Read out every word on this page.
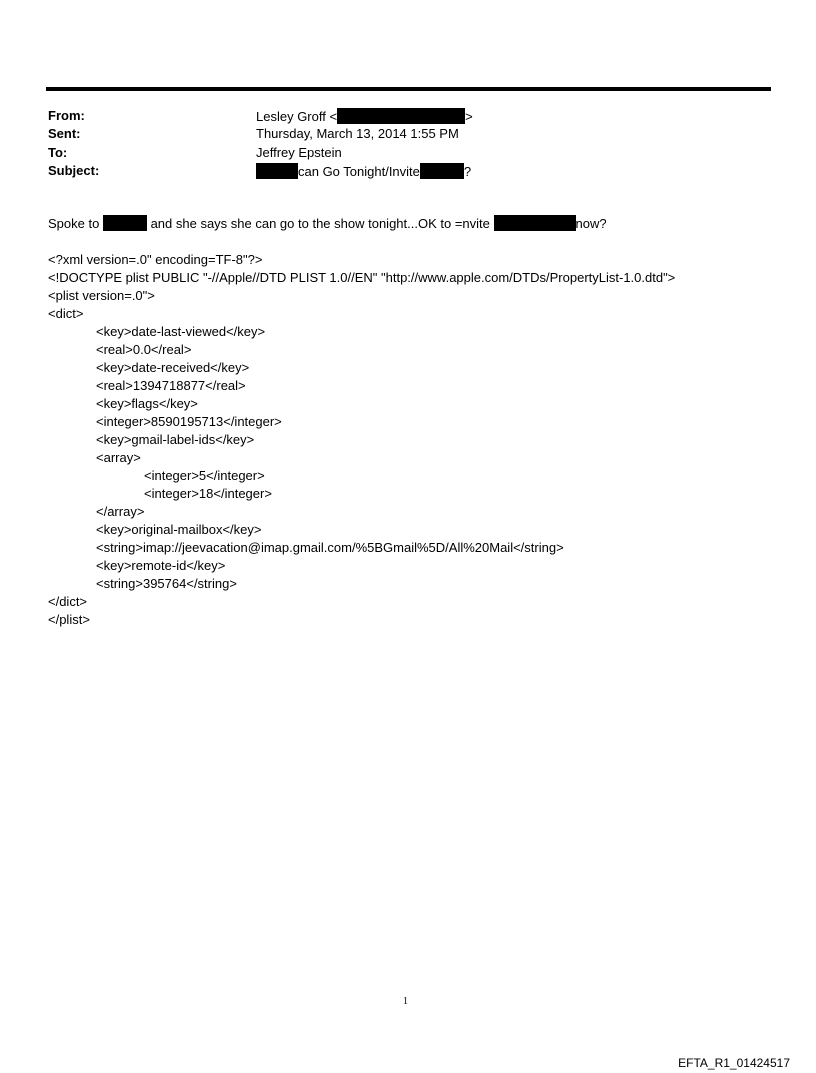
From:	Lesley Groff <	>
Sent:	Thursday, March 13, 2014 1:55 PM
To:	Jeffrey Epstein
Subject:	can Go Tonight/Invite	?
Spoke to	and she says she can go to the show tonight...OK to =nvite	now?
<?xml version=.0" encoding=TF-8"?>
<!DOCTYPE plist PUBLIC "-//Apple//DTD PLIST 1.0//EN" "http://www.apple.com/DTDs/PropertyList-1.0.dtd">
<plist version=.0">
<dict>
<key>date-last-viewed</key>
<real>0.0</real>
<key>date-received</key>
<real>1394718877</real>
<key>flags</key>
<integer>8590195713</integer>
<key>gmail-label-ids</key>
<array>
<integer>5</integer>
<integer>18</integer>
</array>
<key>original-mailbox</key>
<string>imap://jeevacation@imap.gmail.com/%5BGmail%5D/All%20Mail</string>
<key>remote-id</key>
<string>395764</string>
</dict>
</plist>
1
EFTA_R1_01424517
